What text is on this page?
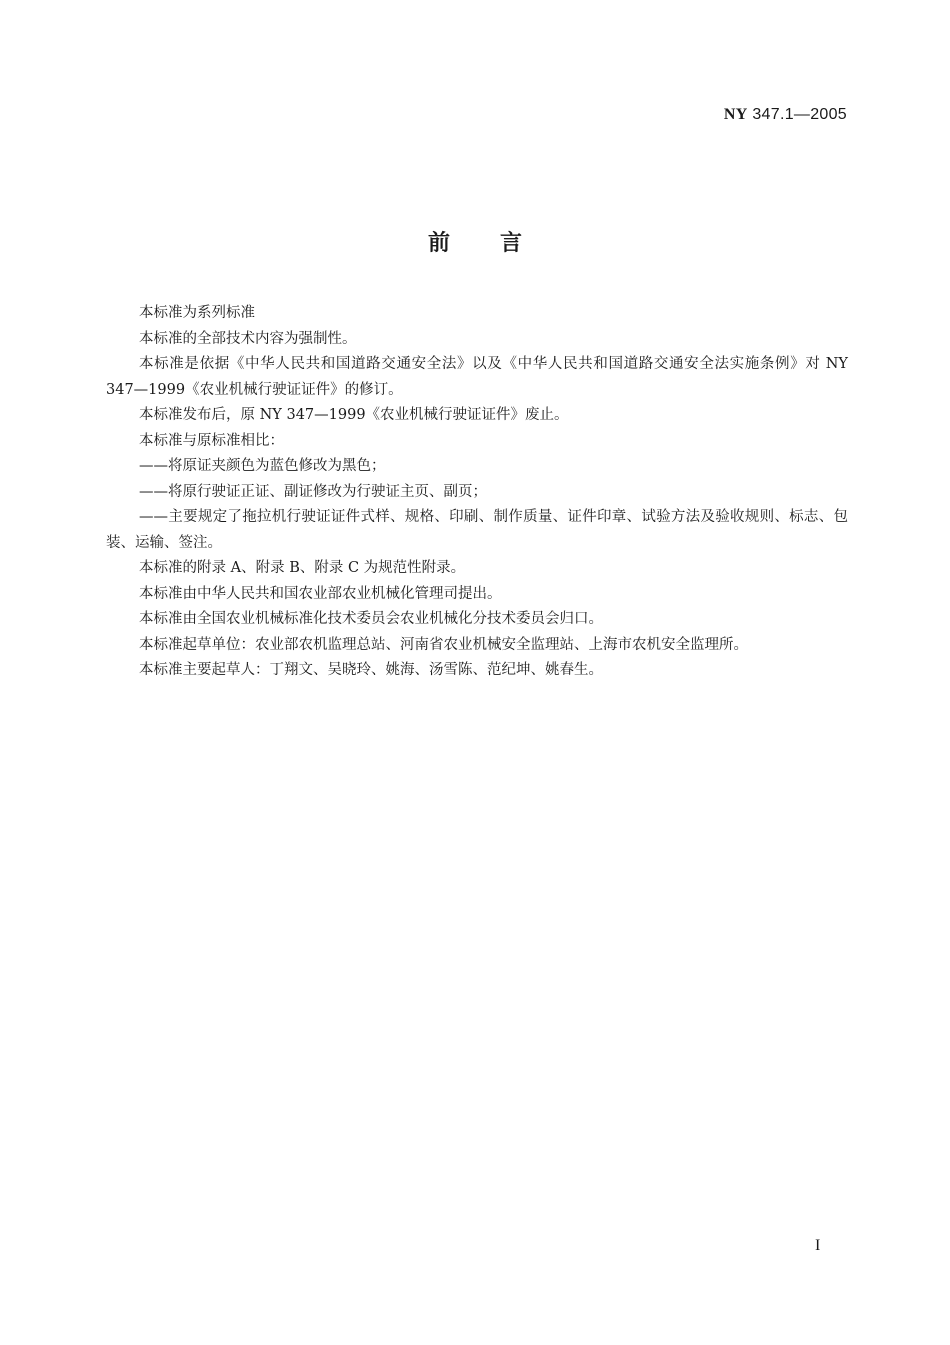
NY 347.1—2005
前言

本标准为系列标准

本标准的全部技术内容为强制性。

本标准是依据《中华人民共和国道路交通安全法》以及《中华人民共和国道路交通安全法实施条例》对 NY 347—1999《农业机械行驶证证件》的修订。

本标准发布后，原 NY 347—1999《农业机械行驶证证件》废止。

本标准与原标准相比：

——将原证夹颜色为蓝色修改为黑色；

——将原行驶证正证、副证修改为行驶证主页、副页；

——主要规定了拖拉机行驶证证件式样、规格、印刷、制作质量、证件印章、试验方法及验收规则、标志、包装、运输、签注。

本标准的附录 A、附录 B、附录 C 为规范性附录。

本标准由中华人民共和国农业部农业机械化管理司提出。

本标准由全国农业机械标准化技术委员会农业机械化分技术委员会归口。

本标准起草单位：农业部农机监理总站、河南省农业机械安全监理站、上海市农机安全监理所。

本标准主要起草人：丁翔文、吴晓玲、姚海、汤雪陈、范纪坤、姚春生。

I
